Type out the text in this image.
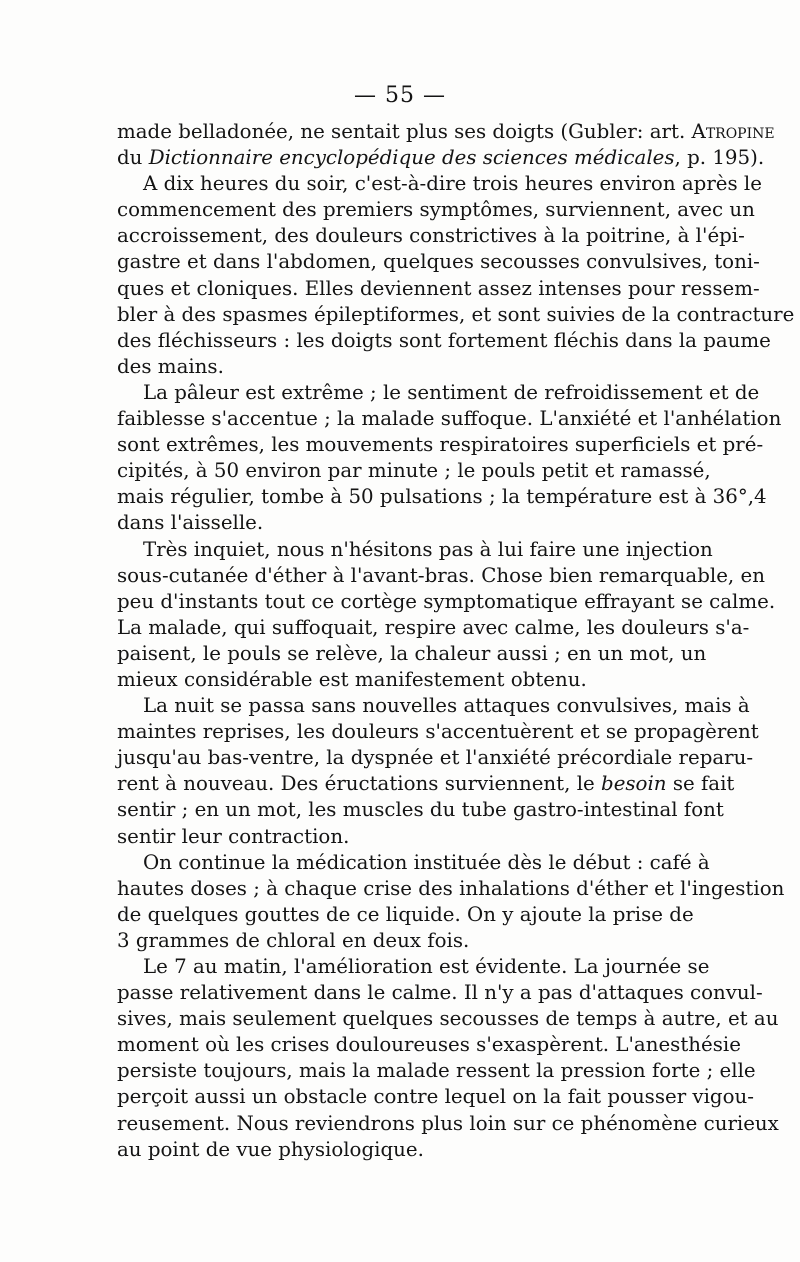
— 55 —
made belladonée, ne sentait plus ses doigts (Gubler: art. Atropine
du Dictionnaire encyclopédique des sciences médicales, p. 195).
A dix heures du soir, c'est-à-dire trois heures environ après le
commencement des premiers symptômes, surviennent, avec un
accroissement, des douleurs constrictives à la poitrine, à l'épi-
gastre et dans l'abdomen, quelques secousses convulsives, toni-
ques et cloniques. Elles deviennent assez intenses pour ressem-
bler à des spasmes épileptiformes, et sont suivies de la contracture
des fléchisseurs : les doigts sont fortement fléchis dans la paume
des mains.
La pâleur est extrême ; le sentiment de refroidissement et de
faiblesse s'accentue ; la malade suffoque. L'anxiété et l'anhélation
sont extrêmes, les mouvements respiratoires superficiels et pré-
cipités, à 50 environ par minute ; le pouls petit et ramassé,
mais régulier, tombe à 50 pulsations ; la température est à 36°,4
dans l'aisselle.
Très inquiet, nous n'hésitons pas à lui faire une injection
sous-cutanée d'éther à l'avant-bras. Chose bien remarquable, en
peu d'instants tout ce cortège symptomatique effrayant se calme.
La malade, qui suffoquait, respire avec calme, les douleurs s'a-
paisent, le pouls se relève, la chaleur aussi ; en un mot, un
mieux considérable est manifestement obtenu.
La nuit se passa sans nouvelles attaques convulsives, mais à
maintes reprises, les douleurs s'accentuèrent et se propagèrent
jusqu'au bas-ventre, la dyspnée et l'anxiété précordiale reparu-
rent à nouveau. Des éructations surviennent, le besoin se fait
sentir ; en un mot, les muscles du tube gastro-intestinal font
sentir leur contraction.
On continue la médication instituée dès le début : café à
hautes doses ; à chaque crise des inhalations d'éther et l'ingestion
de quelques gouttes de ce liquide. On y ajoute la prise de
3 grammes de chloral en deux fois.
Le 7 au matin, l'amélioration est évidente. La journée se
passe relativement dans le calme. Il n'y a pas d'attaques convul-
sives, mais seulement quelques secousses de temps à autre, et au
moment où les crises douloureuses s'exaspèrent. L'anesthésie
persiste toujours, mais la malade ressent la pression forte ; elle
perçoit aussi un obstacle contre lequel on la fait pousser vigou-
reusement. Nous reviendrons plus loin sur ce phénomène curieux
au point de vue physiologique.
